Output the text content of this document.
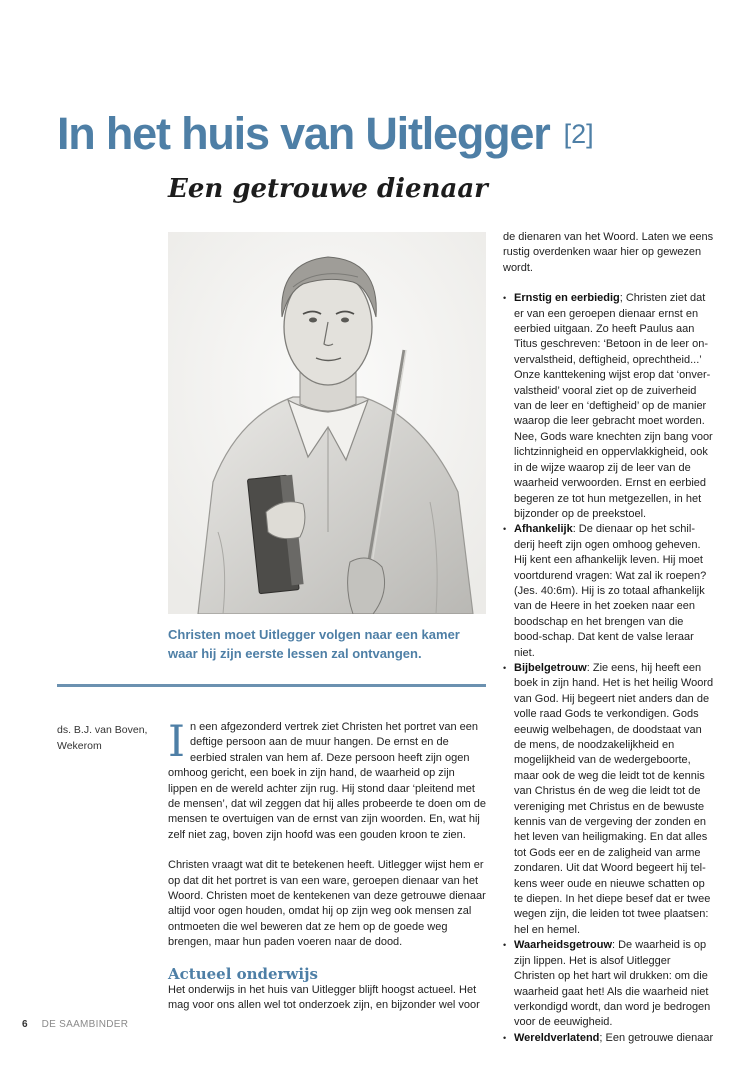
In het huis van Uitlegger [2]
Een getrouwe dienaar

Christen moet Uitlegger volgen naar een kamer waar hij zijn eerste lessen zal ontvangen.

ds. B.J. van Boven,
Wekerom	In een afgezonderd vertrek ziet Christen het portret van een deftige persoon aan de muur hangen. De ernst en de eerbied stralen van hem af. Deze persoon heeft zijn ogen omhoog gericht, een boek in zijn hand, de waarheid op zijn lippen en de wereld achter zijn rug. Hij stond daar ‘pleitend met de mensen’, dat wil zeggen dat hij alles probeerde te doen om de mensen te overtuigen van de ernst van zijn woorden. En, wat hij zelf niet zag, boven zijn hoofd was een gouden kroon te zien.

Christen vraagt wat dit te betekenen heeft. Uitlegger wijst hem er op dat dit het portret is van een ware, geroepen dienaar van het Woord. Christen moet de kentekenen van deze getrouwe dienaar altijd voor ogen houden, omdat hij op zijn weg ook mensen zal ontmoeten die wel beweren dat ze hem op de goede weg brengen, maar hun paden voeren naar de dood.

Actueel onderwijs

Het onderwijs in het huis van Uitlegger blijft hoogst actueel. Het mag voor ons allen wel tot onderzoek zijn, en bijzonder wel voor

de dienaren van het Woord. Laten we eens rustig overdenken waar hier op gewezen wordt.

• Ernstig en eerbiedig; Christen ziet dat er van een geroepen dienaar ernst en eerbied uitgaan. Zo heeft Paulus aan Titus geschreven: ‘Betoon in de leer on-vervalstheid, deftigheid, oprechtheid...’ Onze kanttekening wijst erop dat ‘onver-valstheid’ vooral ziet op de zuiverheid van de leer en ‘deftigheid’ op de manier waarop die leer gebracht moet worden. Nee, Gods ware knechten zijn bang voor lichtzinnigheid en oppervlakkigheid, ook in de wijze waarop zij de leer van de waarheid verwoorden. Ernst en eerbied begeren ze tot hun metgezellen, in het bijzonder op de preekstoel.
• Afhankelijk: De dienaar op het schil-derij heeft zijn ogen omhoog geheven. Hij kent een afhankelijk leven. Hij moet voortdurend vragen: Wat zal ik roepen? (Jes. 40:6m). Hij is zo totaal afhankelijk van de Heere in het zoeken naar een boodschap en het brengen van die bood-schap. Dat kent de valse leraar niet.
• Bijbelgetrouw: Zie eens, hij heeft een boek in zijn hand. Het is het heilig Woord van God. Hij begeert niet anders dan de volle raad Gods te verkondigen. Gods eeuwig welbehagen, de doodstaat van de mens, de noodzakelijkheid en mogelijkheid van de wedergeboorte, maar ook de weg die leidt tot de kennis van Christus én de weg die leidt tot de vereniging met Christus en de bewuste kennis van de vergeving der zonden en het leven van heiligmaking. En dat alles tot Gods eer en de zaligheid van arme zondaren. Uit dat Woord begeert hij tel-kens weer oude en nieuwe schatten op te diepen. In het diepe besef dat er twee wegen zijn, die leiden tot twee plaatsen: hel en hemel.
• Waarheidsgetrouw: De waarheid is op zijn lippen. Het is alsof Uitlegger Christen op het hart wil drukken: om die waarheid gaat het! Als die waarheid niet verkondigd wordt, dan word je bedrogen voor de eeuwigheid.
• Wereldverlatend; Een getrouwe dienaar
6 DE SAAMBINDER
